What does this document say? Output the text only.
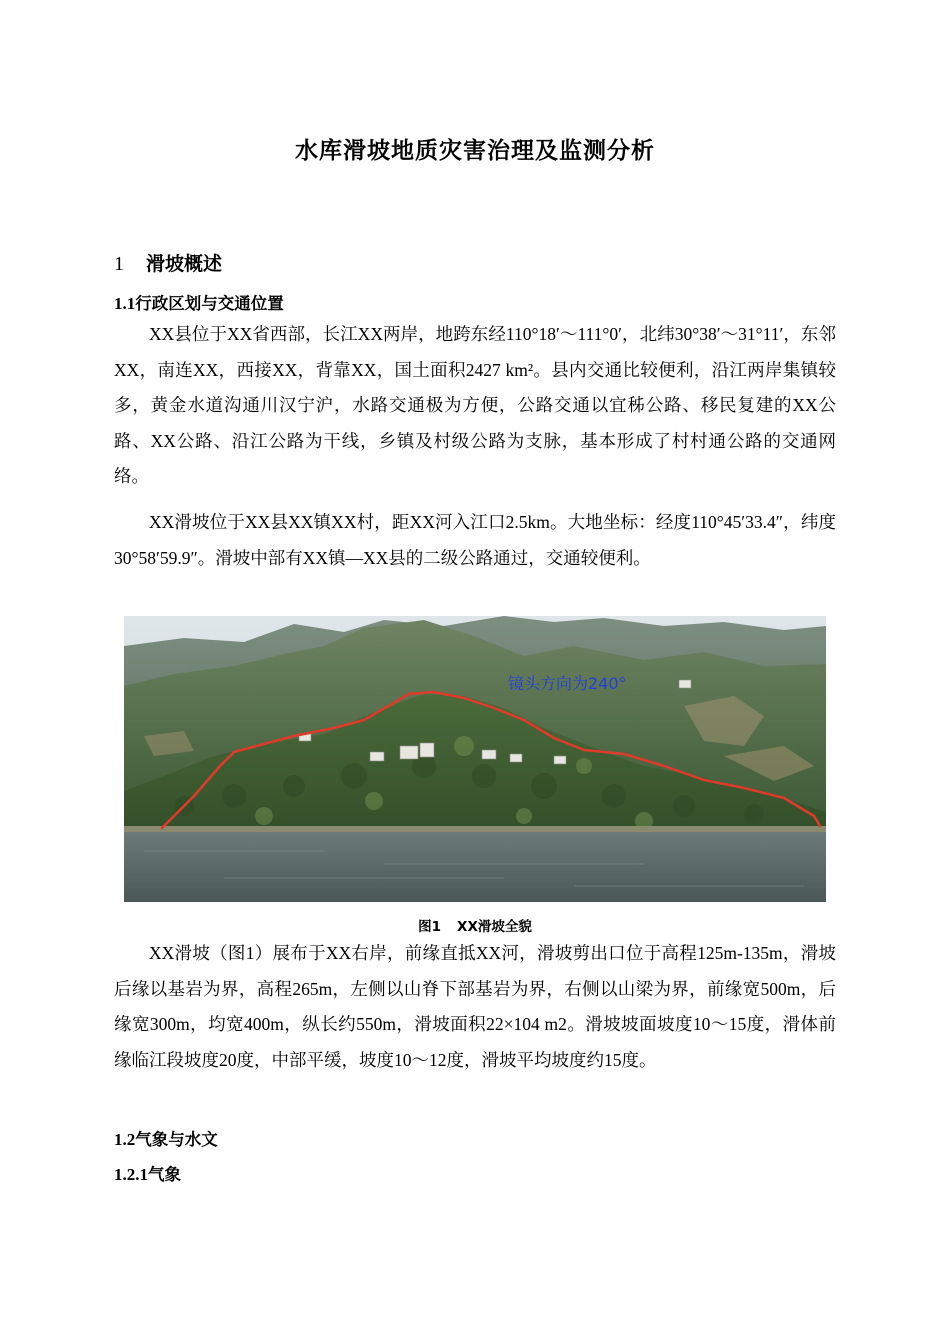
水库滑坡地质灾害治理及监测分析
1 滑坡概述
1.1行政区划与交通位置
XX县位于XX省西部，长江XX两岸，地跨东经110°18′～111°0′，北纬30°38′～31°11′，东邻XX，南连XX，西接XX，背靠XX，国土面积2427 km²。县内交通比较便利，沿江两岸集镇较多，黄金水道沟通川汉宁沪，水路交通极为方便，公路交通以宜秭公路、移民复建的XX公路、XX公路、沿江公路为干线，乡镇及村级公路为支脉，基本形成了村村通公路的交通网络。
XX滑坡位于XX县XX镇XX村，距XX河入江口2.5km。大地坐标：经度110°45′33.4″，纬度30°58′59.9″。滑坡中部有XX镇—XX县的二级公路通过，交通较便利。
镜头方向为240°
图1 XX滑坡全貌
XX滑坡（图1）展布于XX右岸，前缘直抵XX河，滑坡剪出口位于高程125m-135m，滑坡后缘以基岩为界，高程265m，左侧以山脊下部基岩为界，右侧以山梁为界，前缘宽500m，后缘宽300m，均宽400m，纵长约550m，滑坡面积22×104 m2。滑坡坡面坡度10～15度，滑体前缘临江段坡度20度，中部平缓，坡度10～12度，滑坡平均坡度约15度。
1.2气象与水文
1.2.1气象
